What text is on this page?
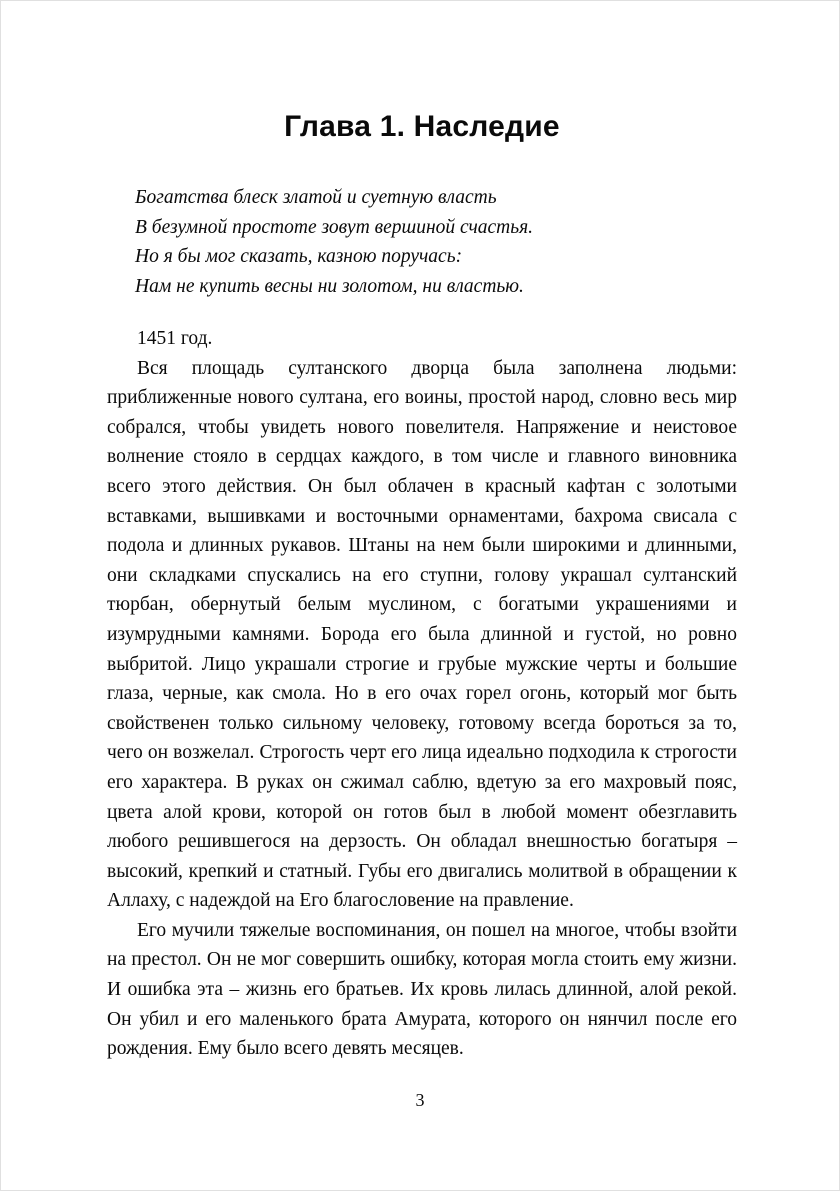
Глава 1. Наследие
Богатства блеск златой и суетную власть
В безумной простоте зовут вершиной счастья.
Но я бы мог сказать, казною поручась:
Нам не купить весны ни золотом, ни властью.

1451 год.

Вся площадь султанского дворца была заполнена людьми: приближенные нового султана, его воины, простой народ, словно весь мир собрался, чтобы увидеть нового повелителя. Напряжение и неистовое волнение стояло в сердцах каждого, в том числе и главного виновника всего этого действия. Он был облачен в красный кафтан с золотыми вставками, вышивками и восточными орнаментами, бахрома свисала с подола и длинных рукавов. Штаны на нем были широкими и длинными, они складками спускались на его ступни, голову украшал султанский тюрбан, обернутый белым муслином, с богатыми украшениями и изумрудными камнями. Борода его была длинной и густой, но ровно выбритой. Лицо украшали строгие и грубые мужские черты и большие глаза, черные, как смола. Но в его очах горел огонь, который мог быть свойственен только сильному человеку, готовому всегда бороться за то, чего он возжелал. Строгость черт его лица идеально подходила к строгости его характера. В руках он сжимал саблю, вдетую за его махровый пояс, цвета алой крови, которой он готов был в любой момент обезглавить любого решившегося на дерзость. Он обладал внешностью богатыря – высокий, крепкий и статный. Губы его двигались молитвой в обращении к Аллаху, с надеждой на Его благословение на правление.

Его мучили тяжелые воспоминания, он пошел на многое, чтобы взойти на престол. Он не мог совершить ошибку, которая могла стоить ему жизни. И ошибка эта – жизнь его братьев. Их кровь лилась длинной, алой рекой. Он убил и его маленького брата Амурата, которого он нянчил после его рождения. Ему было всего девять месяцев.

3
